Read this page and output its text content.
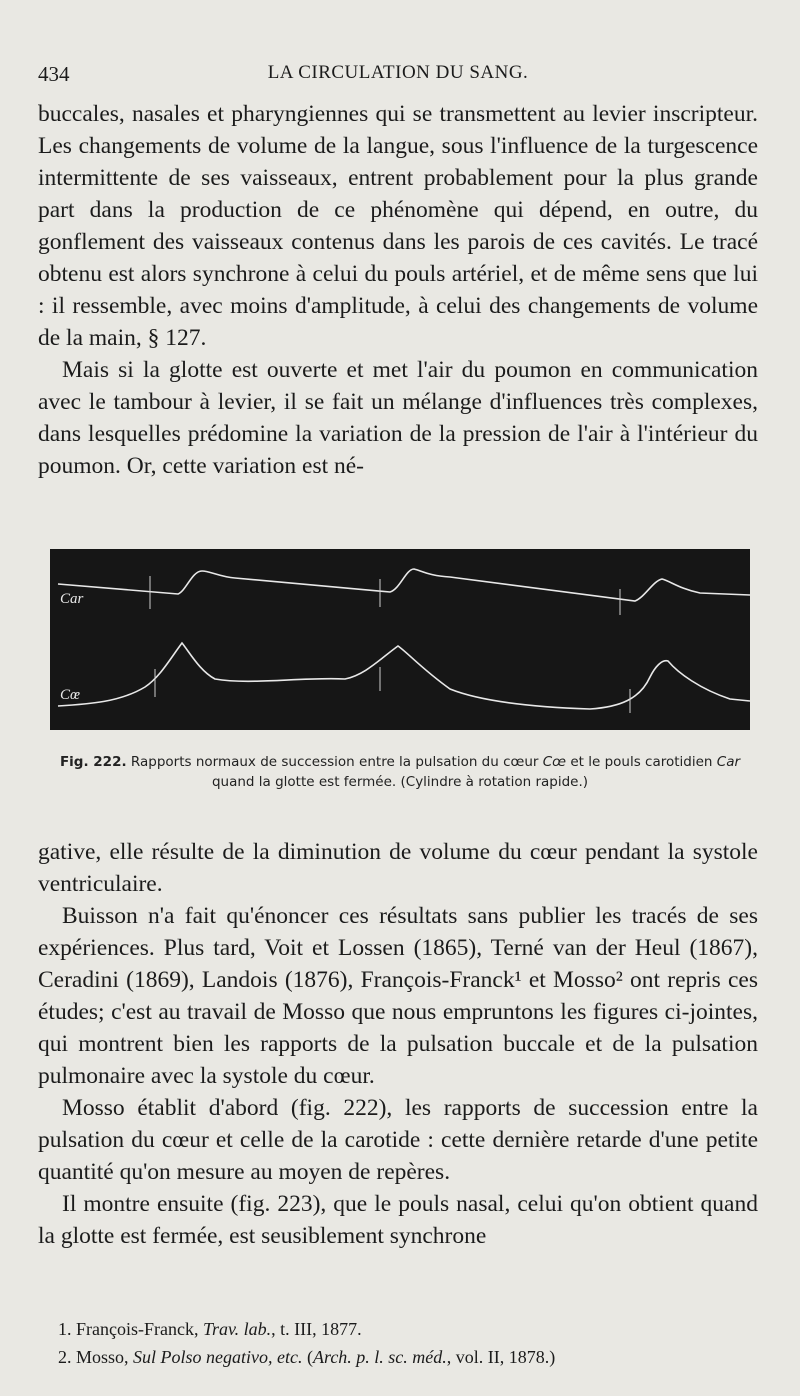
434	LA CIRCULATION DU SANG.

buccales, nasales et pharyngiennes qui se transmettent au levier inscripteur. Les changements de volume de la langue, sous l'influence de la turgescence intermittente de ses vaisseaux, entrent probablement pour la plus grande part dans la production de ce phénomène qui dépend, en outre, du gonflement des vaisseaux contenus dans les parois de ces cavités. Le tracé obtenu est alors synchrone à celui du pouls artériel, et de même sens que lui : il ressemble, avec moins d'amplitude, à celui des changements de volume de la main, § 127.

Mais si la glotte est ouverte et met l'air du poumon en communication avec le tambour à levier, il se fait un mélange d'influences très complexes, dans lesquelles prédomine la variation de la pression de l'air à l'intérieur du poumon. Or, cette variation est né-

Car
Cœ
Fig. 222. Rapports normaux de succession entre la pulsation du cœur Cœ et le pouls carotidien Car
quand la glotte est fermée. (Cylindre à rotation rapide.)

gative, elle résulte de la diminution de volume du cœur pendant la systole ventriculaire.

Buisson n'a fait qu'énoncer ces résultats sans publier les tracés de ses expériences. Plus tard, Voit et Lossen (1865), Terné van der Heul (1867), Ceradini (1869), Landois (1876), François-Franck¹ et Mosso² ont repris ces études; c'est au travail de Mosso que nous empruntons les figures ci-jointes, qui montrent bien les rapports de la pulsation buccale et de la pulsation pulmonaire avec la systole du cœur.

Mosso établit d'abord (fig. 222), les rapports de succession entre la pulsation du cœur et celle de la carotide : cette dernière retarde d'une petite quantité qu'on mesure au moyen de repères.

Il montre ensuite (fig. 223), que le pouls nasal, celui qu'on obtient quand la glotte est fermée, est seusiblement synchrone

1. François-Franck, Trav. lab., t. III, 1877.

2. Mosso, Sul Polso negativo, etc. (Arch. p. l. sc. méd., vol. II, 1878.)
